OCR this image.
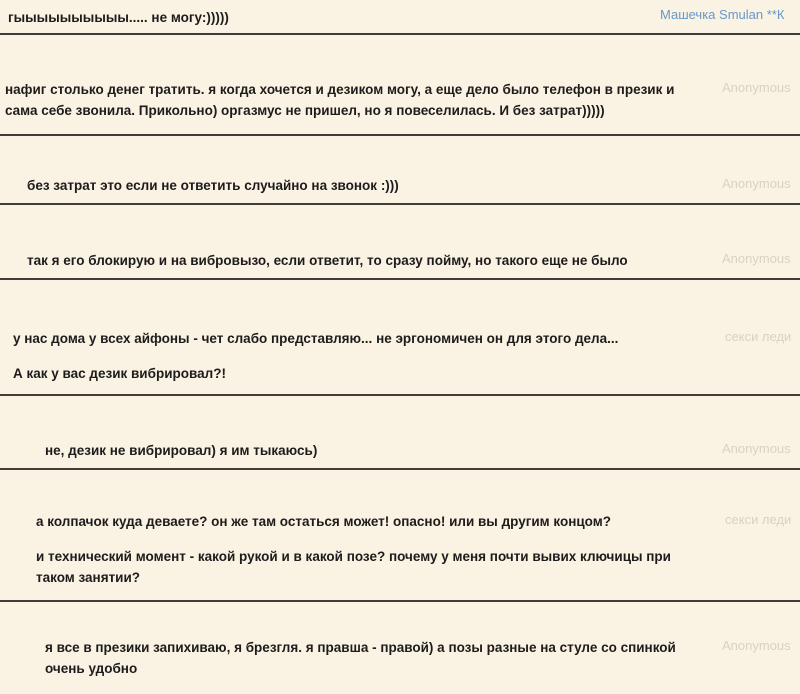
гыыыыыыыыыы..... не могу:)))))	Машечка Smulan **К

нафиг столько денег тратить. я когда хочется и дезиком могу, а еще дело было телефон в презик и сама себе звонила. Прикольно) оргазмус не пришел, но я повеселилась. И без затрат)))))

Anonymous

без затрат это если не ответить случайно на звонок :)))	Anonymous

так я его блокирую и на вибровызо, если ответит, то сразу пойму, но такого еще не было	Anonymous

у нас дома у всех айфоны - чет слабо представляю... не эргономичен он для этого дела...

А как у вас дезик вибрировал?!

секси леди

не, дезик не вибрировал) я им тыкаюсь)	Anonymous

а колпачок куда деваете? он же там остаться может! опасно! или вы другим концом?

и технический момент - какой рукой и в какой позе? почему у меня почти вывих ключицы при таком занятии?

секси леди

я все в презики запихиваю, я брезгля. я правша - правой) а позы разные на стуле со спинкой очень удобно

Anonymous
